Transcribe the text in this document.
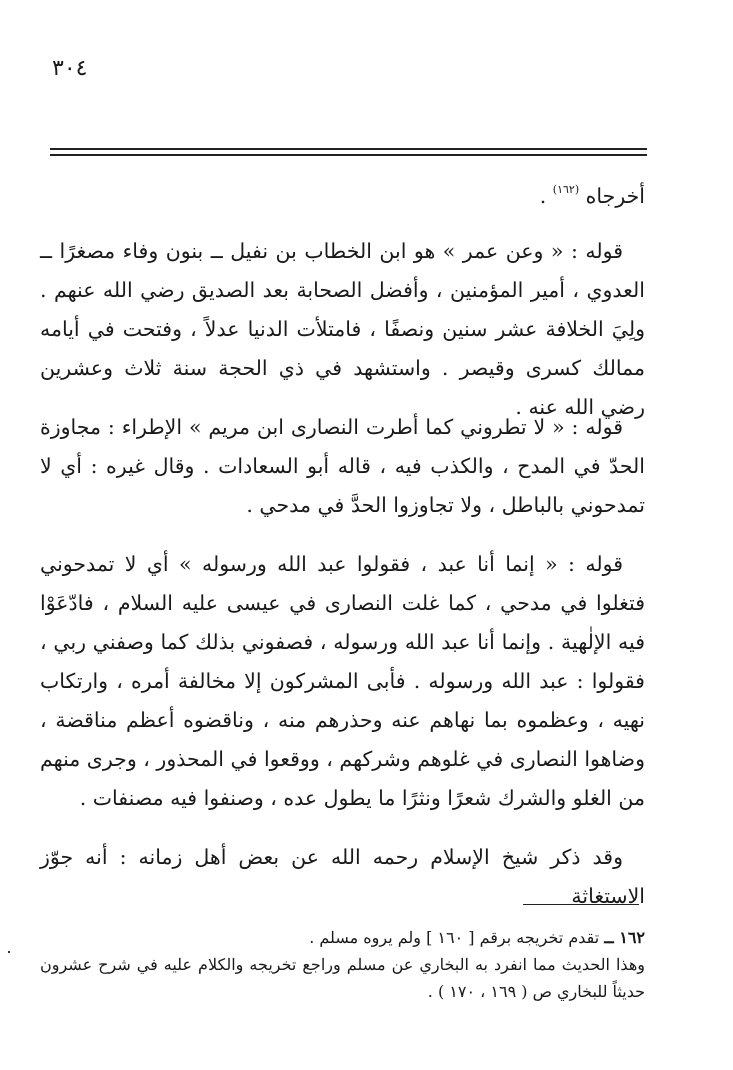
٣٠٤

أخرجاه $^{(١٦٢)}$ .

قوله : « وعن عمر » هو ابن الخطاب بن نفيل ــ بنون وفاء مصغرًا ــ العدوي ، أمير المؤمنين ، وأفضل الصحابة بعد الصديق رضي الله عنهم . ولِيَ الخلافة عشر سنين ونصفًا ، فامتلأت الدنيا عدلاً ، وفتحت في أيامه ممالك كسرى وقيصر . واستشهد في ذي الحجة سنة ثلاث وعشرين رضي الله عنه .

قوله : « لا تطروني كما أطرت النصارى ابن مريم » الإطراء : مجاوزة الحدّ في المدح ، والكذب فيه ، قاله أبو السعادات . وقال غيره : أي لا تمدحوني بالباطل ، ولا تجاوزوا الحدَّ في مدحي .

قوله : « إنما أنا عبد ، فقولوا عبد الله ورسوله » أي لا تمدحوني فتغلوا في مدحي ، كما غلت النصارى في عيسى عليه السلام ، فادّعَوْا فيه الإلٰهية . وإنما أنا عبد الله ورسوله ، فصفوني بذلك كما وصفني ربي ، فقولوا : عبد الله ورسوله . فأبى المشركون إلا مخالفة أمره ، وارتكاب نهيه ، وعظموه بما نهاهم عنه وحذرهم منه ، وناقضوه أعظم مناقضة ، وضاهوا النصارى في غلوهم وشركهم ، ووقعوا في المحذور ، وجرى منهم من الغلو والشرك شعرًا ونثرًا ما يطول عده ، وصنفوا فيه مصنفات .

وقد ذكر شيخ الإسلام رحمه الله عن بعض أهل زمانه : أنه جوّز الاستغاثة

١٦٢ ــ تقدم تخريجه برقم [ ١٦٠ ] ولم يروه مسلم .

وهذا الحديث مما انفرد به البخاري عن مسلم وراجع تخريجه والكلام عليه في شرح عشرون حديثاً للبخاري ص ( ١٦٩ ، ١٧٠ ) .
